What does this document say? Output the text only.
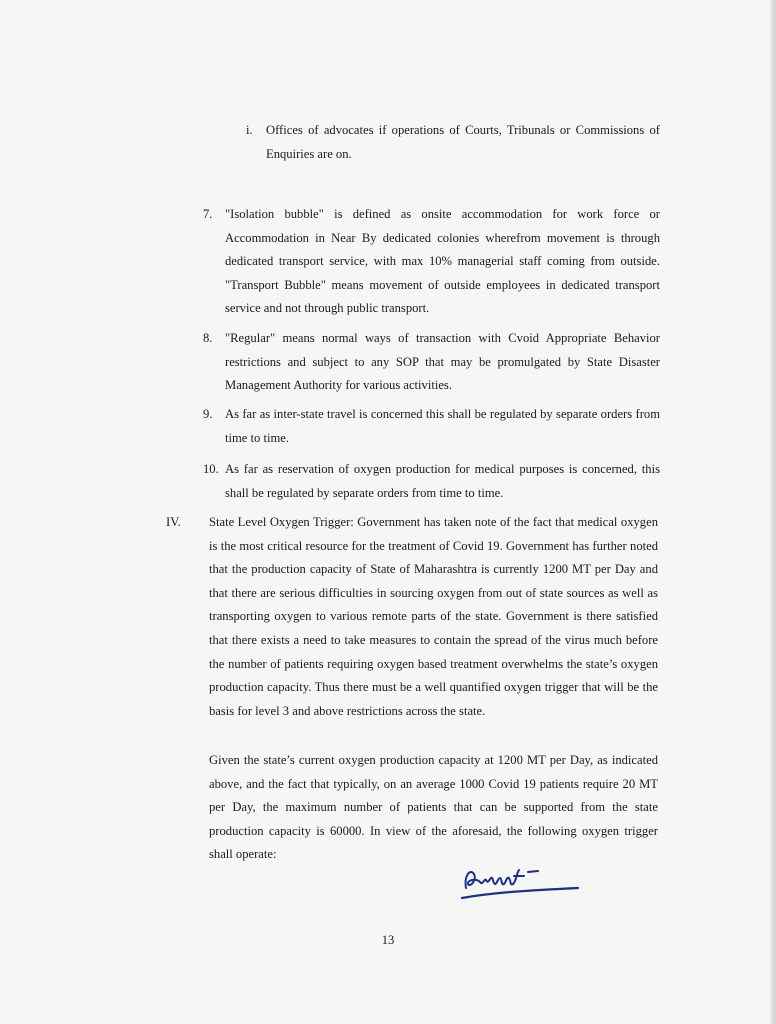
i. Offices of advocates if operations of Courts, Tribunals or Commissions of Enquiries are on.
7. "Isolation bubble" is defined as onsite accommodation for work force or Accommodation in Near By dedicated colonies wherefrom movement is through dedicated transport service, with max 10% managerial staff coming from outside. "Transport Bubble" means movement of outside employees in dedicated transport service and not through public transport.
8. "Regular" means normal ways of transaction with Cvoid Appropriate Behavior restrictions and subject to any SOP that may be promulgated by State Disaster Management Authority for various activities.
9. As far as inter-state travel is concerned this shall be regulated by separate orders from time to time.
10. As far as reservation of oxygen production for medical purposes is concerned, this shall be regulated by separate orders from time to time.
IV. State Level Oxygen Trigger: Government has taken note of the fact that medical oxygen is the most critical resource for the treatment of Covid 19. Government has further noted that the production capacity of State of Maharashtra is currently 1200 MT per Day and that there are serious difficulties in sourcing oxygen from out of state sources as well as transporting oxygen to various remote parts of the state. Government is there satisfied that there exists a need to take measures to contain the spread of the virus much before the number of patients requiring oxygen based treatment overwhelms the state’s oxygen production capacity. Thus there must be a well quantified oxygen trigger that will be the basis for level 3 and above restrictions across the state.
Given the state’s current oxygen production capacity at 1200 MT per Day, as indicated above, and the fact that typically, on an average 1000 Covid 19 patients require 20 MT per Day, the maximum number of patients that can be supported from the state production capacity is 60000. In view of the aforesaid, the following oxygen trigger shall operate:
13
